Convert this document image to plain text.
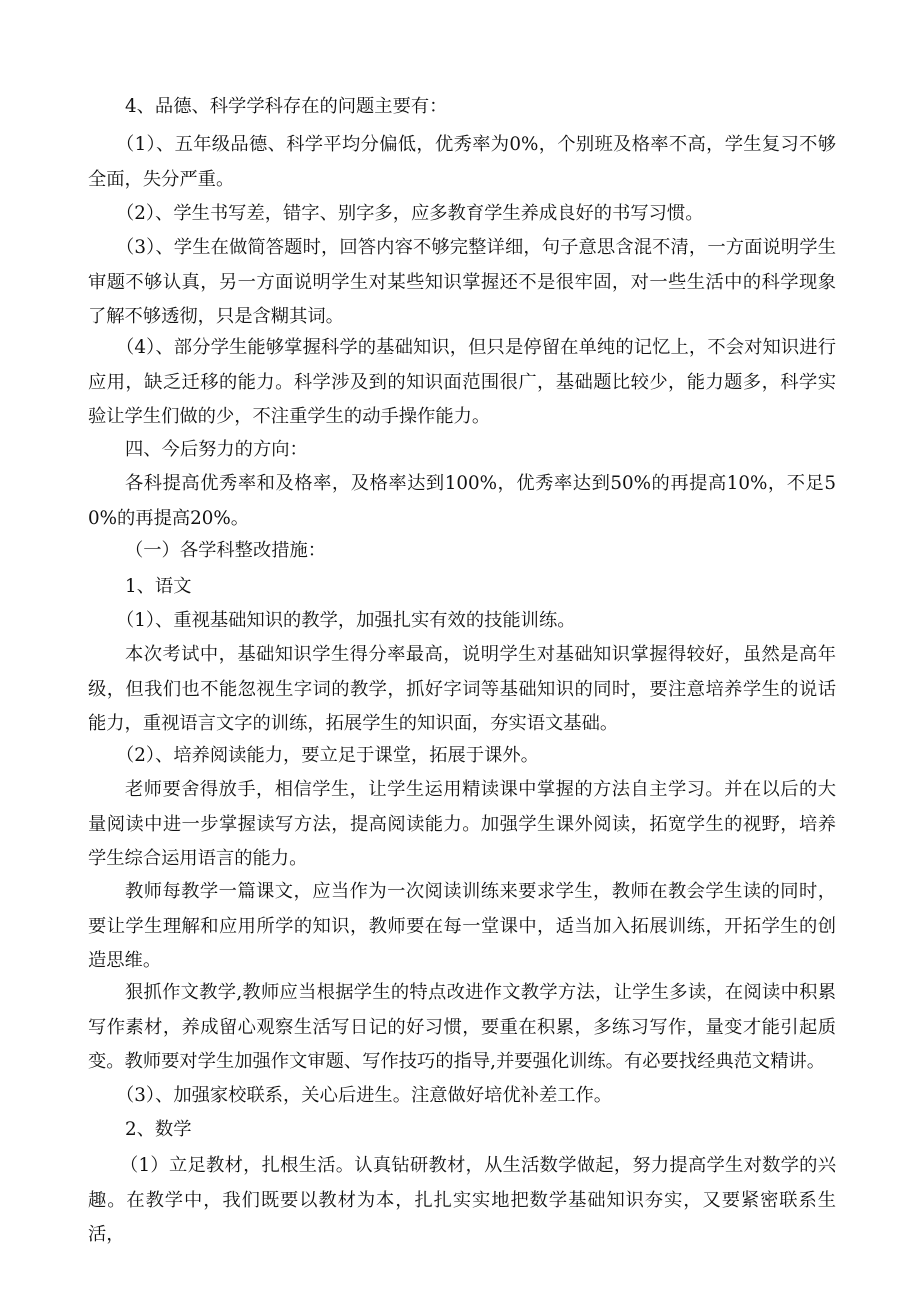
4、品德、科学学科存在的问题主要有：

（1）、五年级品德、科学平均分偏低，优秀率为0%，个别班及格率不高，学生复习不够全面，失分严重。

（2）、学生书写差，错字、别字多，应多教育学生养成良好的书写习惯。

（3）、学生在做简答题时，回答内容不够完整详细，句子意思含混不清，一方面说明学生审题不够认真，另一方面说明学生对某些知识掌握还不是很牢固，对一些生活中的科学现象了解不够透彻，只是含糊其词。

（4）、部分学生能够掌握科学的基础知识，但只是停留在单纯的记忆上，不会对知识进行应用，缺乏迁移的能力。科学涉及到的知识面范围很广，基础题比较少，能力题多，科学实验让学生们做的少，不注重学生的动手操作能力。

四、今后努力的方向：

各科提高优秀率和及格率，及格率达到100%，优秀率达到50%的再提高10%，不足50%的再提高20%。

（一）各学科整改措施：

1、语文

（1）、重视基础知识的教学，加强扎实有效的技能训练。

本次考试中，基础知识学生得分率最高，说明学生对基础知识掌握得较好，虽然是高年级，但我们也不能忽视生字词的教学，抓好字词等基础知识的同时，要注意培养学生的说话能力，重视语言文字的训练，拓展学生的知识面，夯实语文基础。

（2）、培养阅读能力，要立足于课堂，拓展于课外。

老师要舍得放手，相信学生，让学生运用精读课中掌握的方法自主学习。并在以后的大量阅读中进一步掌握读写方法，提高阅读能力。加强学生课外阅读，拓宽学生的视野，培养学生综合运用语言的能力。

教师每教学一篇课文，应当作为一次阅读训练来要求学生，教师在教会学生读的同时，要让学生理解和应用所学的知识，教师要在每一堂课中，适当加入拓展训练，开拓学生的创造思维。

狠抓作文教学,教师应当根据学生的特点改进作文教学方法，让学生多读，在阅读中积累写作素材，养成留心观察生活写日记的好习惯，要重在积累，多练习写作，量变才能引起质变。教师要对学生加强作文审题、写作技巧的指导,并要强化训练。有必要找经典范文精讲。

（3）、加强家校联系，关心后进生。注意做好培优补差工作。

2、数学

（1）立足教材，扎根生活。认真钻研教材，从生活数学做起，努力提高学生对数学的兴趣。在教学中，我们既要以教材为本，扎扎实实地把数学基础知识夯实，又要紧密联系生活，
